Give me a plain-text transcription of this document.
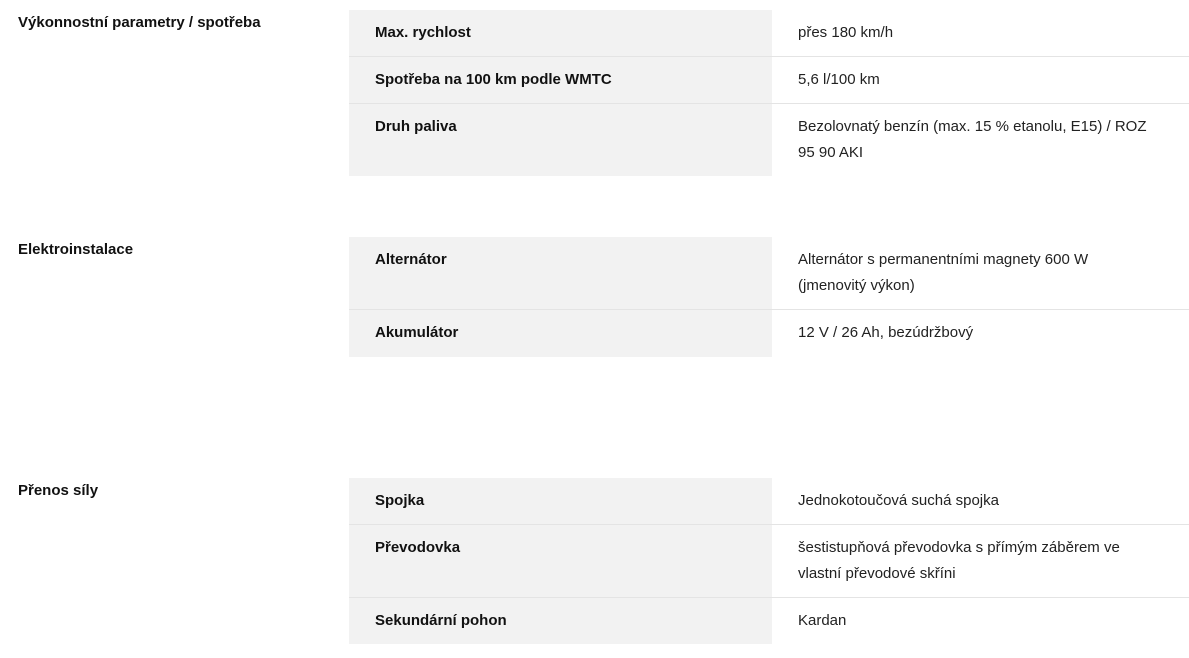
Výkonnostní parametry / spotřeba
Max. rychlost	přes 180 km/h
Spotřeba na 100 km podle WMTC	5,6 l/100 km
Druh paliva	Bezolovnatý benzín (max. 15 % etanolu, E15) / ROZ 95 90 AKI
Elektroinstalace
Alternátor	Alternátor s permanentními magnety 600 W (jmenovitý výkon)
Akumulátor	12 V / 26 Ah, bezúdržbový
Přenos síly
Spojka	Jednokotoučová suchá spojka
Převodovka	šestistupňová převodovka s přímým záběrem ve vlastní převodové skříni
Sekundární pohon	Kardan
